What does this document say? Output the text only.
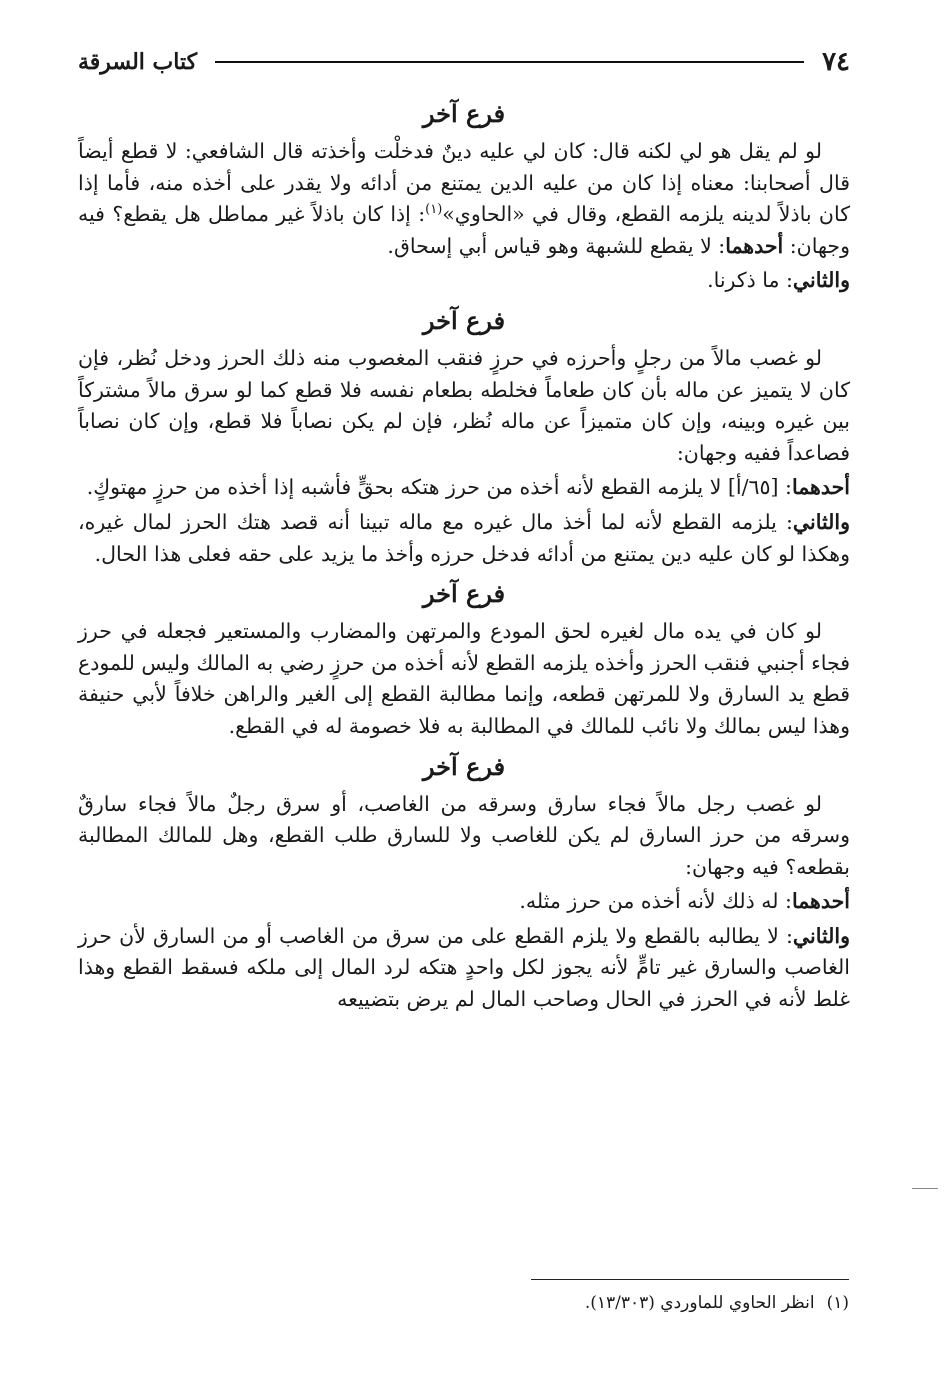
٧٤
كتاب السرقة
فرع آخر

لو لم يقل هو لي لكنه قال: كان لي عليه دينٌ فدخلْت وأخذته قال الشافعي: لا قطع أيضاً قال أصحابنا: معناه إذا كان من عليه الدين يمتنع من أدائه ولا يقدر على أخذه منه، فأما إذا كان باذلاً لدينه يلزمه القطع، وقال في «الحاوي»$^{(١)}$: إذا كان باذلاً غير مماطل هل يقطع؟ فيه وجهان: أحدهما: لا يقطع للشبهة وهو قياس أبي إسحاق.

والثاني: ما ذكرنا.

فرع آخر

لو غصب مالاً من رجلٍ وأحرزه في حرزٍ فنقب المغصوب منه ذلك الحرز ودخل نُظر، فإن كان لا يتميز عن ماله بأن كان طعاماً فخلطه بطعام نفسه فلا قطع كما لو سرق مالاً مشتركاً بين غيره وبينه، وإن كان متميزاً عن ماله نُظر، فإن لم يكن نصاباً فلا قطع، وإن كان نصاباً فصاعداً ففيه وجهان:

أحدهما: [٦٥/أ] لا يلزمه القطع لأنه أخذه من حرز هتكه بحقٍّ فأشبه إذا أخذه من حرزٍ مهتوكٍ.

والثاني: يلزمه القطع لأنه لما أخذ مال غيره مع ماله تبينا أنه قصد هتك الحرز لمال غيره، وهكذا لو كان عليه دين يمتنع من أدائه فدخل حرزه وأخذ ما يزيد على حقه فعلى هذا الحال.

فرع آخر

لو كان في يده مال لغيره لحق المودع والمرتهن والمضارب والمستعير فجعله في حرز فجاء أجنبي فنقب الحرز وأخذه يلزمه القطع لأنه أخذه من حرزٍ رضي به المالك وليس للمودع قطع يد السارق ولا للمرتهن قطعه، وإنما مطالبة القطع إلى الغير والراهن خلافاً لأبي حنيفة وهذا ليس بمالك ولا نائب للمالك في المطالبة به فلا خصومة له في القطع.

فرع آخر

لو غصب رجل مالاً فجاء سارق وسرقه من الغاصب، أو سرق رجلٌ مالاً فجاء سارقٌ وسرقه من حرز السارق لم يكن للغاصب ولا للسارق طلب القطع، وهل للمالك المطالبة بقطعه؟ فيه وجهان:

أحدهما: له ذلك لأنه أخذه من حرز مثله.

والثاني: لا يطالبه بالقطع ولا يلزم القطع على من سرق من الغاصب أو من السارق لأن حرز الغاصب والسارق غير تامٍّ لأنه يجوز لكل واحدٍ هتكه لرد المال إلى ملكه فسقط القطع وهذا غلط لأنه في الحرز في الحال وصاحب المال لم يرض بتضييعه

(١)انظر الحاوي للماوردي (١٣/٣٠٣).
